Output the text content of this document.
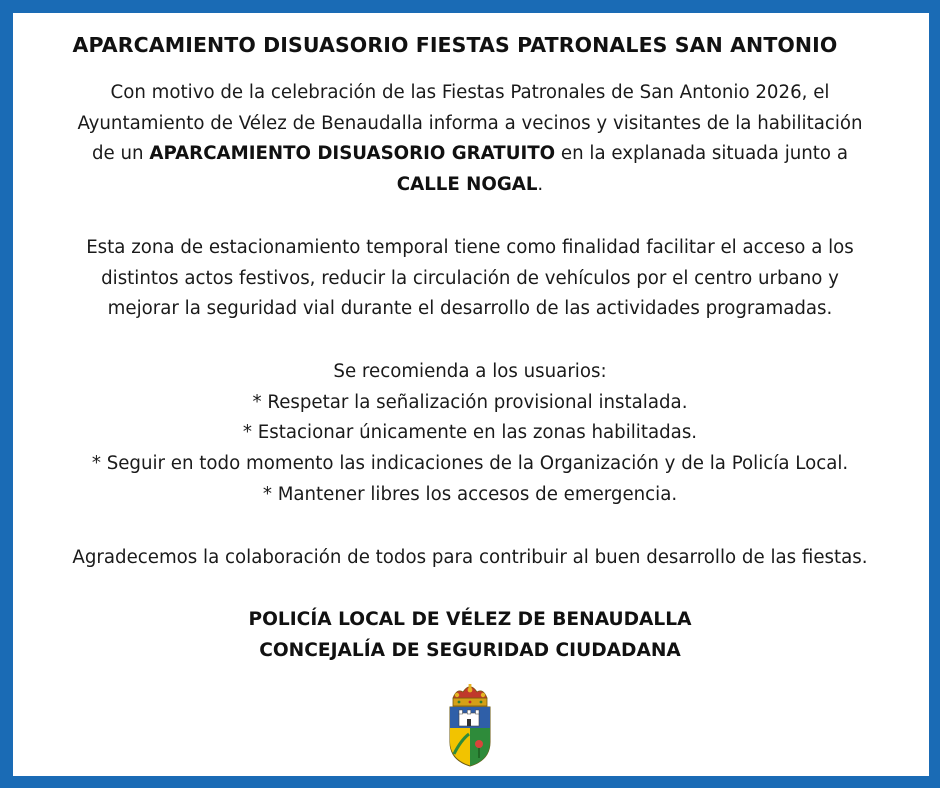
APARCAMIENTO DISUASORIO FIESTAS PATRONALES SAN ANTONIO
Con motivo de la celebración de las Fiestas Patronales de San Antonio 2026, el
Ayuntamiento de Vélez de Benaudalla informa a vecinos y visitantes de la habilitación
de un APARCAMIENTO DISUASORIO GRATUITO en la explanada situada junto a
CALLE NOGAL.
Esta zona de estacionamiento temporal tiene como finalidad facilitar el acceso a los
distintos actos festivos, reducir la circulación de vehículos por el centro urbano y
mejorar la seguridad vial durante el desarrollo de las actividades programadas.
Se recomienda a los usuarios:
* Respetar la señalización provisional instalada.
* Estacionar únicamente en las zonas habilitadas.
* Seguir en todo momento las indicaciones de la Organización y de la Policía Local.
* Mantener libres los accesos de emergencia.
Agradecemos la colaboración de todos para contribuir al buen desarrollo de las fiestas.
POLICÍA LOCAL DE VÉLEZ DE BENAUDALLA
CONCEJALÍA DE SEGURIDAD CIUDADANA
